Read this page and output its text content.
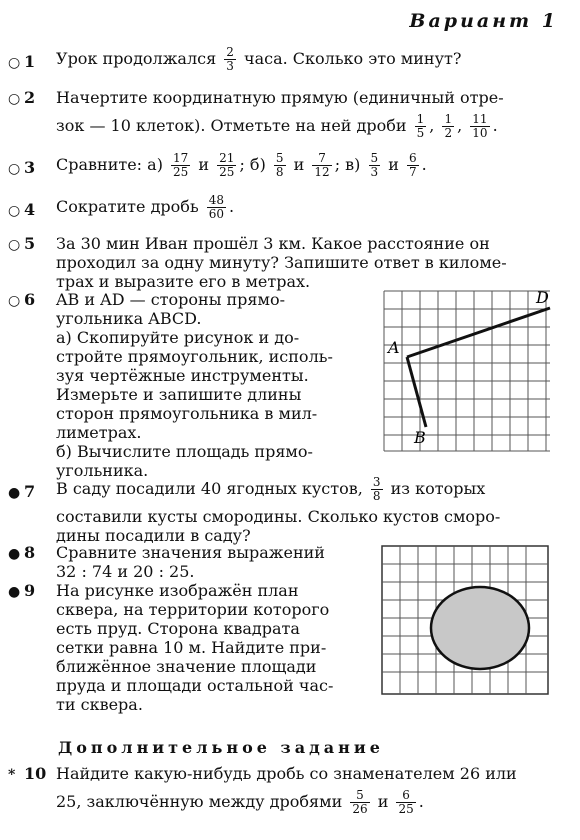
Вариант 1
○ 1 Урок продолжался $\frac{2}{3}$ часа. Сколько это минут?
○ 2 Начертите координатную прямую (единичный отре-
зок — 10 клеток). Отметьте на ней дроби $\frac{1}{5}$ , $\frac{1}{2}$ , $\frac{11}{10}$ .
○ 3 Сравните: $а) \frac{17}{25}$ и $\frac{21}{25}$ ; $б) \frac{5}{8}$ и $\frac{7}{12}$ ; $в) \frac{5}{3}$ и $\frac{6}{7}$ .
○ 4 Сократите дробь $\frac{48}{60}$ .
○ 5 За 30 мин Иван прошёл 3 км. Какое расстояние он
проходил за одну минуту? Запишите ответ в киломе-
трах и выразите его в метрах.
○ 6 AB и AD — стороны прямо-
угольника ABCD.
а) Скопируйте рисунок и до-
стройте прямоугольник, исполь-
зуя чертёжные инструменты.
Измерьте и запишите длины
сторон прямоугольника в мил-
лиметрах.
б) Вычислите площадь прямо-
угольника.
A
B
D
● 7 В саду посадили 40 ягодных кустов, $\frac{3}{8}$ из которых
составили кусты смородины. Сколько кустов сморо-
дины посадили в саду?
● 8 Сравните значения выражений
32 : 74 и 20 : 25.
● 9 На рисунке изображён план
сквера, на территории которого
есть пруд. Сторона квадрата
сетки равна 10 м. Найдите при-
ближённое значение площади
пруда и площади остальной час-
ти сквера.
Дополнительное задание
* 10 Найдите какую-нибудь дробь со знаменателем 26 или
25, заключённую между дробями $\frac{5}{26}$ и $\frac{6}{25}$ .
